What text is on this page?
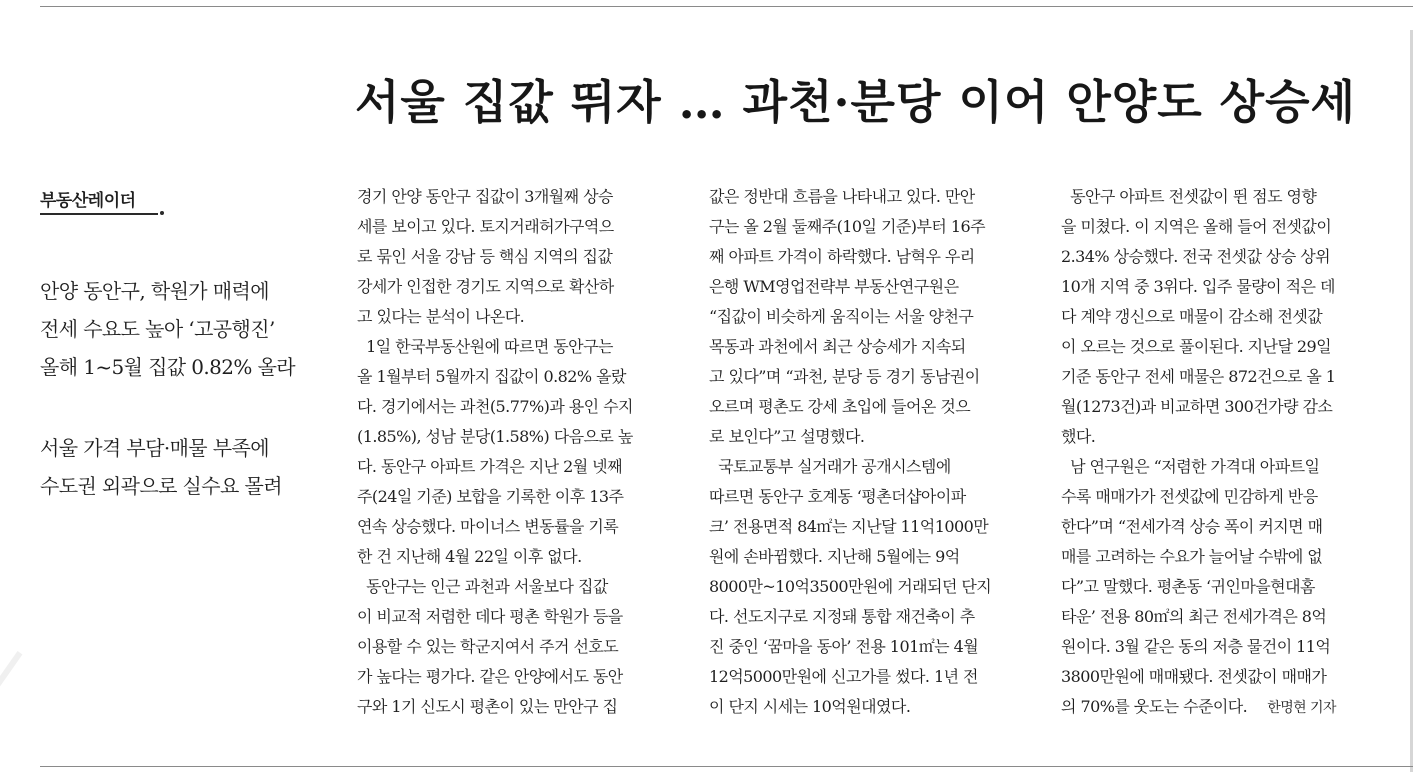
서울 집값 뛰자 … 과천·분당 이어 안양도 상승세
부동산레이더
안양 동안구, 학원가 매력에
전세 수요도 높아 ‘고공행진’
올해 1~5월 집값 0.82% 올라
서울 가격 부담·매물 부족에
수도권 외곽으로 실수요 몰려
경기 안양 동안구 집값이 3개월째 상승
세를 보이고 있다. 토지거래허가구역으
로 묶인 서울 강남 등 핵심 지역의 집값
강세가 인접한 경기도 지역으로 확산하
고 있다는 분석이 나온다.
1일 한국부동산원에 따르면 동안구는
올 1월부터 5월까지 집값이 0.82% 올랐
다. 경기에서는 과천(5.77%)과 용인 수지
(1.85%), 성남 분당(1.58%) 다음으로 높
다. 동안구 아파트 가격은 지난 2월 넷째
주(24일 기준) 보합을 기록한 이후 13주
연속 상승했다. 마이너스 변동률을 기록
한 건 지난해 4월 22일 이후 없다.
동안구는 인근 과천과 서울보다 집값
이 비교적 저렴한 데다 평촌 학원가 등을
이용할 수 있는 학군지여서 주거 선호도
가 높다는 평가다. 같은 안양에서도 동안
구와 1기 신도시 평촌이 있는 만안구 집
값은 정반대 흐름을 나타내고 있다. 만안
구는 올 2월 둘째주(10일 기준)부터 16주
째 아파트 가격이 하락했다. 남혁우 우리
은행 WM영업전략부 부동산연구원은
“집값이 비슷하게 움직이는 서울 양천구
목동과 과천에서 최근 상승세가 지속되
고 있다”며 “과천, 분당 등 경기 동남권이
오르며 평촌도 강세 초입에 들어온 것으
로 보인다”고 설명했다.
국토교통부 실거래가 공개시스템에
따르면 동안구 호계동 ‘평촌더샵아이파
크’ 전용면적 84㎡는 지난달 11억1000만
원에 손바뀜했다. 지난해 5월에는 9억
8000만~10억3500만원에 거래되던 단지
다. 선도지구로 지정돼 통합 재건축이 추
진 중인 ‘꿈마을 동아’ 전용 101㎡는 4월
12억5000만원에 신고가를 썼다. 1년 전
이 단지 시세는 10억원대였다.
동안구 아파트 전셋값이 뛴 점도 영향
을 미쳤다. 이 지역은 올해 들어 전셋값이
2.34% 상승했다. 전국 전셋값 상승 상위
10개 지역 중 3위다. 입주 물량이 적은 데
다 계약 갱신으로 매물이 감소해 전셋값
이 오르는 것으로 풀이된다. 지난달 29일
기준 동안구 전세 매물은 872건으로 올 1
월(1273건)과 비교하면 300건가량 감소
했다.
남 연구원은 “저렴한 가격대 아파트일
수록 매매가가 전셋값에 민감하게 반응
한다”며 “전세가격 상승 폭이 커지면 매
매를 고려하는 수요가 늘어날 수밖에 없
다”고 말했다. 평촌동 ‘귀인마을현대홈
타운’ 전용 80㎡의 최근 전세가격은 8억
원이다. 3월 같은 동의 저층 물건이 11억
3800만원에 매매됐다. 전셋값이 매매가
의 70%를 웃도는 수준이다. 한명현 기자
